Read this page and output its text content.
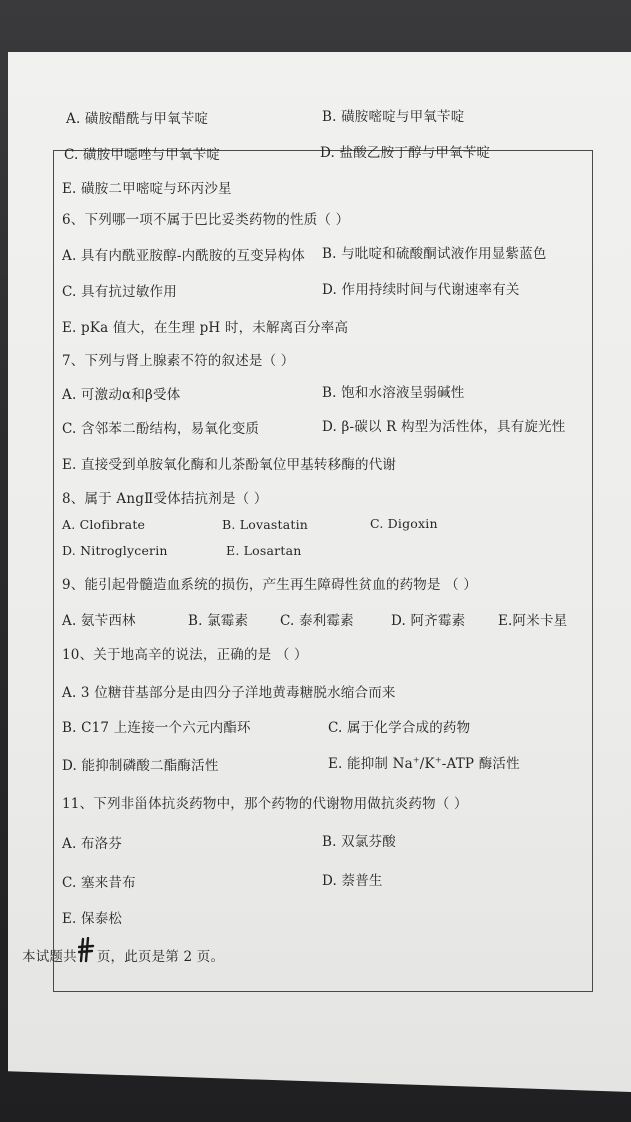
A. 磺胺醋酰与甲氧苄啶	B. 磺胺嘧啶与甲氧苄啶
C. 磺胺甲噁唑与甲氧苄啶	D. 盐酸乙胺丁醇与甲氧苄啶
E. 磺胺二甲嘧啶与环丙沙星
6、下列哪一项不属于巴比妥类药物的性质（ ）
A. 具有内酰亚胺醇-内酰胺的互变异构体 B. 与吡啶和硫酸酮试液作用显紫蓝色
C. 具有抗过敏作用	D. 作用持续时间与代谢速率有关
E. pKa 值大，在生理 pH 时，未解离百分率高
7、下列与肾上腺素不符的叙述是（ ）
A. 可激动α和β受体	B. 饱和水溶液呈弱碱性
C. 含邻苯二酚结构，易氧化变质	D. β-碳以 R 构型为活性体，具有旋光性
E. 直接受到单胺氧化酶和儿茶酚氧位甲基转移酶的代谢
8、属于 AngⅡ受体拮抗剂是（ ）
A. Clofibrate	B. Lovastatin	C. Digoxin
D. Nitroglycerin	E. Losartan
9、能引起骨髓造血系统的损伤，产生再生障碍性贫血的药物是 （ ）
A. 氨苄西林	B. 氯霉素 C. 泰利霉素	D. 阿齐霉素 E.阿米卡星
10、关于地高辛的说法，正确的是 （ ）
A. 3 位糖苷基部分是由四分子洋地黄毒糖脱水缩合而来
B. C17 上连接一个六元内酯环	C. 属于化学合成的药物
D. 能抑制磷酸二酯酶活性	E. 能抑制 Na+/K+-ATP 酶活性
11、下列非甾体抗炎药物中，那个药物的代谢物用做抗炎药物（ ）
A. 布洛芬	B. 双氯芬酸
C. 塞来昔布	D. 萘普生
E. 保泰松
本试题共 页，此页是第 2 页。
